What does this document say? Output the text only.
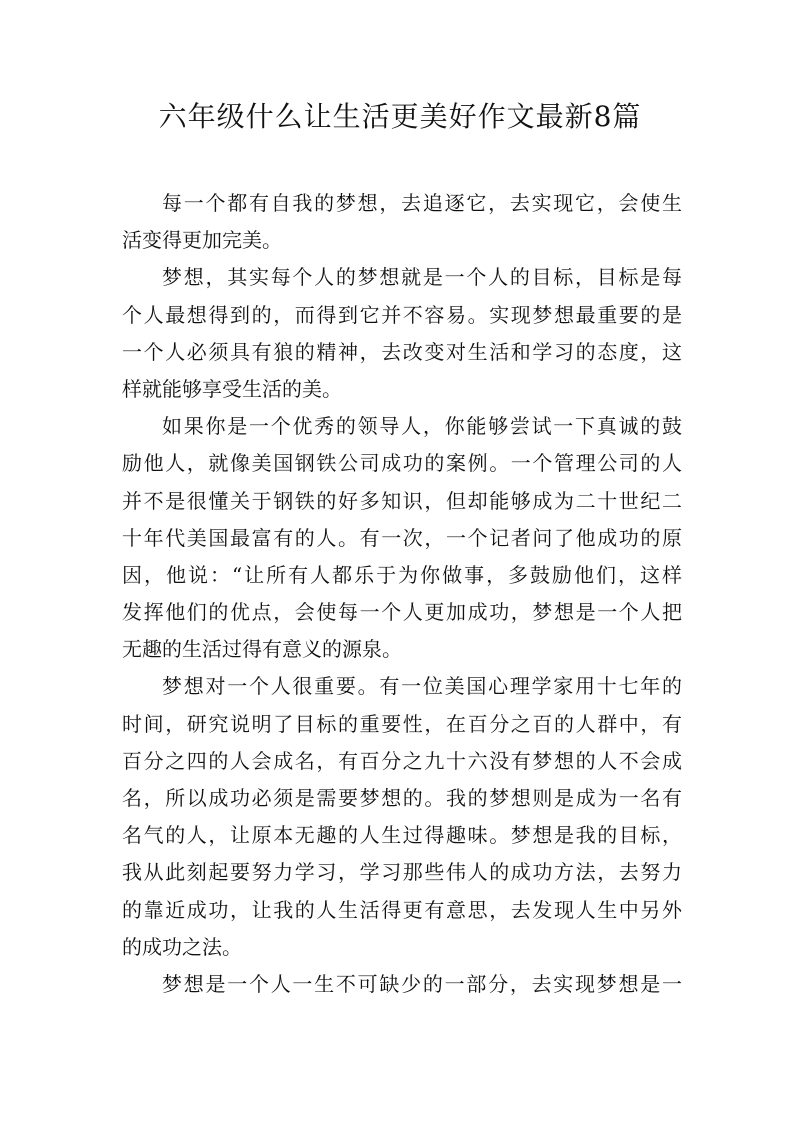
六年级什么让生活更美好作文最新8篇
每一个都有自我的梦想，去追逐它，去实现它，会使生
活变得更加完美。
梦想，其实每个人的梦想就是一个人的目标，目标是每
个人最想得到的，而得到它并不容易。实现梦想最重要的是
一个人必须具有狼的精神，去改变对生活和学习的态度，这
样就能够享受生活的美。
如果你是一个优秀的领导人，你能够尝试一下真诚的鼓
励他人，就像美国钢铁公司成功的案例。一个管理公司的人
并不是很懂关于钢铁的好多知识，但却能够成为二十世纪二
十年代美国最富有的人。有一次，一个记者问了他成功的原
因，他说：“让所有人都乐于为你做事，多鼓励他们，这样
发挥他们的优点，会使每一个人更加成功，梦想是一个人把
无趣的生活过得有意义的源泉。
梦想对一个人很重要。有一位美国心理学家用十七年的
时间，研究说明了目标的重要性，在百分之百的人群中，有
百分之四的人会成名，有百分之九十六没有梦想的人不会成
名，所以成功必须是需要梦想的。我的梦想则是成为一名有
名气的人，让原本无趣的人生过得趣味。梦想是我的目标，
我从此刻起要努力学习，学习那些伟人的成功方法，去努力
的靠近成功，让我的人生活得更有意思，去发现人生中另外
的成功之法。
梦想是一个人一生不可缺少的一部分，去实现梦想是一
